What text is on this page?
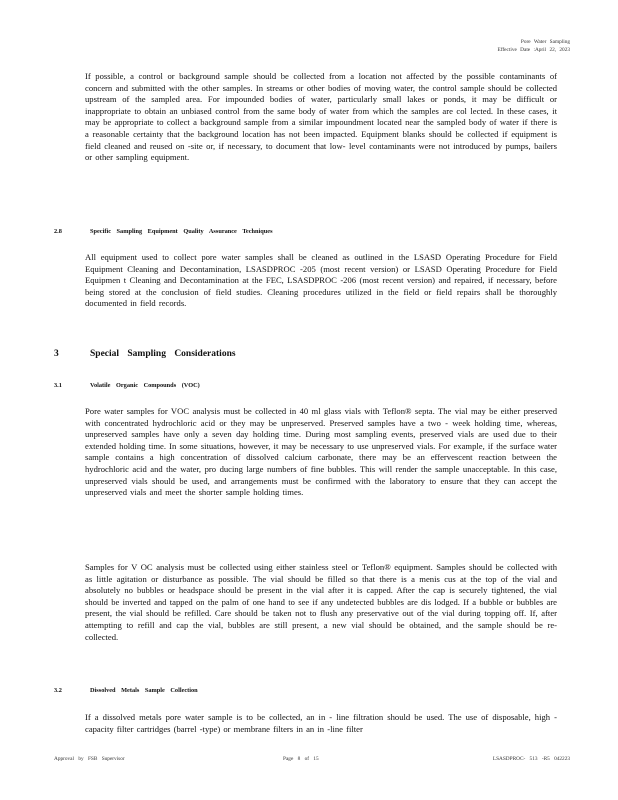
Pore Water Sampling
Effective Date :April 22, 2023

If possible, a control or background sample should be collected from a location not affected by the possible contaminants of concern and submitted with the other samples. In streams or other bodies of moving water, the control sample should be collected upstream of the sampled area. For impounded bodies of water, particularly small lakes or ponds, it may be difficult or inappropriate to obtain an unbiased control from the same body of water from which the samples are col lected. In these cases, it may be appropriate to collect a background sample from a similar impoundment located near the sampled body of water if there is a reasonable certainty that the background location has not been impacted. Equipment blanks should be collected if equipment is field cleaned and reused on -site or, if necessary, to document that low- level contaminants were not introduced by pumps, bailers or other sampling equipment.

2.8	Specific Sampling Equipment Quality Assurance Techniques

All equipment used to collect pore water samples shall be cleaned as outlined in the LSASD Operating Procedure for Field Equipment Cleaning and Decontamination, LSASDPROC -205 (most recent version) or LSASD Operating Procedure for Field Equipmen t Cleaning and Decontamination at the FEC, LSASDPROC -206 (most recent version) and repaired, if necessary, before being stored at the conclusion of field studies. Cleaning procedures utilized in the field or field repairs shall be thoroughly documented in field records.

3	Special Sampling Considerations
3.1	Volatile Organic Compounds (VOC)

Pore water samples for VOC analysis must be collected in 40 ml glass vials with Teflon® septa. The vial may be either preserved with concentrated hydrochloric acid or they may be unpreserved. Preserved samples have a two - week holding time, whereas, unpreserved samples have only a seven day holding time. During most sampling events, preserved vials are used due to their extended holding time. In some situations, however, it may be necessary to use unpreserved vials. For example, if the surface water sample contains a high concentration of dissolved calcium carbonate, there may be an effervescent reaction between the hydrochloric acid and the water, pro ducing large numbers of fine bubbles. This will render the sample unacceptable. In this case, unpreserved vials should be used, and arrangements must be confirmed with the laboratory to ensure that they can accept the unpreserved vials and meet the shorter sample holding times.

Samples for V OC analysis must be collected using either stainless steel or Teflon® equipment. Samples should be collected with as little agitation or disturbance as possible. The vial should be filled so that there is a menis cus at the top of the vial and absolutely no bubbles or headspace should be present in the vial after it is capped. After the cap is securely tightened, the vial should be inverted and tapped on the palm of one hand to see if any undetected bubbles are dis lodged. If a bubble or bubbles are present, the vial should be refilled. Care should be taken not to flush any preservative out of the vial during topping off. If, after attempting to refill and cap the vial, bubbles are still present, a new vial should be obtained, and the sample should be re- collected.

3.2	Dissolved Metals Sample Collection

If a dissolved metals pore water sample is to be collected, an in - line filtration should be used. The use of disposable, high -capacity filter cartridges (barrel -type) or membrane filters in an in -line filter

Approval by FSB Supervisor	Page 8 of 15	LSASDPROC- 513 -R5 042223
